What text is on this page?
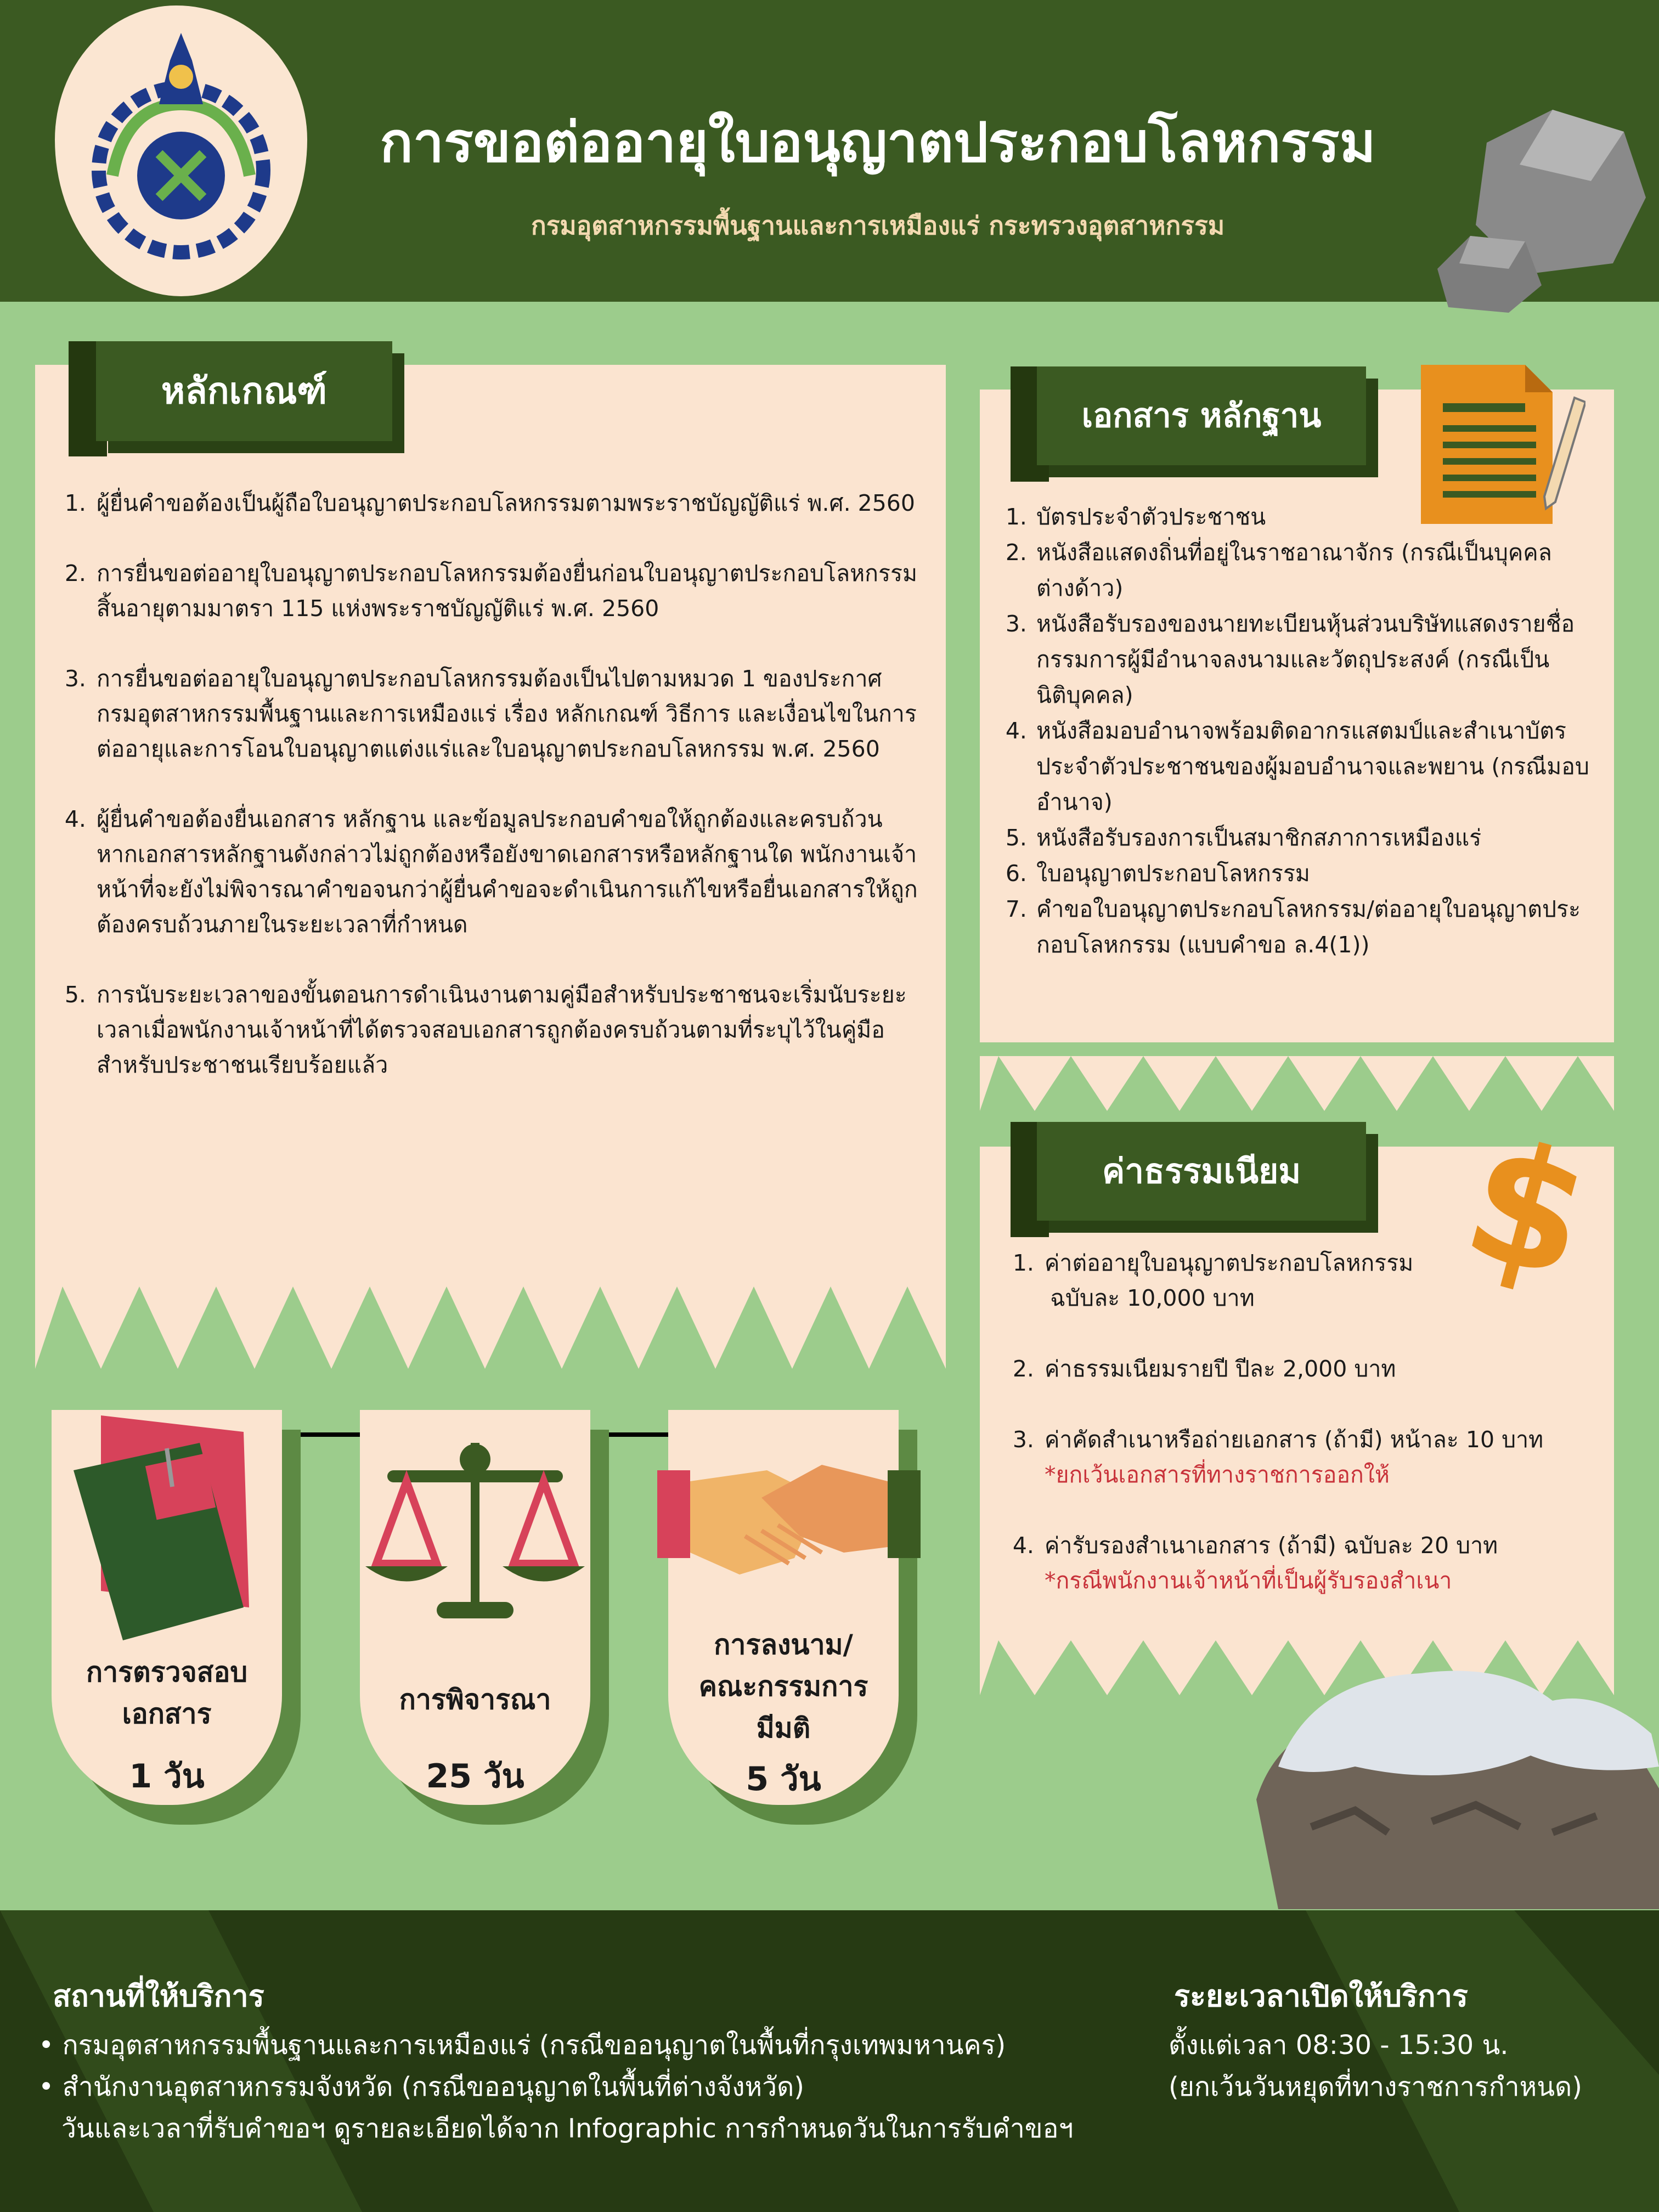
การขอต่ออายุใบอนุญาตประกอบโลหกรรม
กรมอุตสาหกรรมพื้นฐานและการเหมืองแร่ กระทรวงอุตสาหกรรม
หลักเกณฑ์
1. ผู้ยื่นคำขอต้องเป็นผู้ถือใบอนุญาตประกอบโลหกรรมตามพระราชบัญญัติแร่ พ.ศ. 2560
2. การยื่นขอต่ออายุใบอนุญาตประกอบโลหกรรมต้องยื่นก่อนใบอนุญาตประกอบโลหกรรมสิ้นอายุตามมาตรา 115 แห่งพระราชบัญญัติแร่ พ.ศ. 2560
3. การยื่นขอต่ออายุใบอนุญาตประกอบโลหกรรมต้องเป็นไปตามหมวด 1 ของประกาศกรมอุตสาหกรรมพื้นฐานและการเหมืองแร่ เรื่อง หลักเกณฑ์ วิธีการ และเงื่อนไขในการต่ออายุและการโอนใบอนุญาตแต่งแร่และใบอนุญาตประกอบโลหกรรม พ.ศ. 2560
4. ผู้ยื่นคำขอต้องยื่นเอกสาร หลักฐาน และข้อมูลประกอบคำขอให้ถูกต้องและครบถ้วน หากเอกสารหลักฐานดังกล่าวไม่ถูกต้องหรือยังขาดเอกสารหรือหลักฐานใด พนักงานเจ้าหน้าที่จะยังไม่พิจารณาคำขอจนกว่าผู้ยื่นคำขอจะดำเนินการแก้ไขหรือยื่นเอกสารให้ถูกต้องครบถ้วนภายในระยะเวลาที่กำหนด
5. การนับระยะเวลาของขั้นตอนการดำเนินงานตามคู่มือสำหรับประชาชนจะเริ่มนับระยะเวลาเมื่อพนักงานเจ้าหน้าที่ได้ตรวจสอบเอกสารถูกต้องครบถ้วนตามที่ระบุไว้ในคู่มือสำหรับประชาชนเรียบร้อยแล้ว
เอกสาร หลักฐาน
1. บัตรประจำตัวประชาชน
2. หนังสือแสดงถิ่นที่อยู่ในราชอาณาจักร (กรณีเป็นบุคคลต่างด้าว)
3. หนังสือรับรองของนายทะเบียนหุ้นส่วนบริษัทแสดงรายชื่อกรรมการผู้มีอำนาจลงนามและวัตถุประสงค์ (กรณีเป็นนิติบุคคล)
4. หนังสือมอบอำนาจพร้อมติดอากรแสตมป์และสำเนาบัตรประจำตัวประชาชนของผู้มอบอำนาจและพยาน (กรณีมอบอำนาจ)
5. หนังสือรับรองการเป็นสมาชิกสภาการเหมืองแร่
6. ใบอนุญาตประกอบโลหกรรม
7. คำขอใบอนุญาตประกอบโลหกรรม/ต่ออายุใบอนุญาตประกอบโลหกรรม (แบบคำขอ ล.4(1))
ค่าธรรมเนียม $
1. ค่าต่ออายุใบอนุญาตประกอบโลหกรรม
ฉบับละ 10,000 บาท
2. ค่าธรรมเนียมรายปี ปีละ 2,000 บาท
3. ค่าคัดสำเนาหรือถ่ายเอกสาร (ถ้ามี) หน้าละ 10 บาท
*ยกเว้นเอกสารที่ทางราชการออกให้
4. ค่ารับรองสำเนาเอกสาร (ถ้ามี) ฉบับละ 20 บาท
*กรณีพนักงานเจ้าหน้าที่เป็นผู้รับรองสำเนา
การตรวจสอบ
เอกสาร
1 วัน
การพิจารณา
25 วัน
การลงนาม/
คณะกรรมการ
มีมติ
5 วัน
สถานที่ให้บริการ
• กรมอุตสาหกรรมพื้นฐานและการเหมืองแร่ (กรณีขออนุญาตในพื้นที่กรุงเทพมหานคร)
• สำนักงานอุตสาหกรรมจังหวัด (กรณีขออนุญาตในพื้นที่ต่างจังหวัด)
วันและเวลาที่รับคำขอฯ ดูรายละเอียดได้จาก Infographic การกำหนดวันในการรับคำขอฯ
ระยะเวลาเปิดให้บริการ
ตั้งแต่เวลา 08:30 - 15:30 น.
(ยกเว้นวันหยุดที่ทางราชการกำหนด)
